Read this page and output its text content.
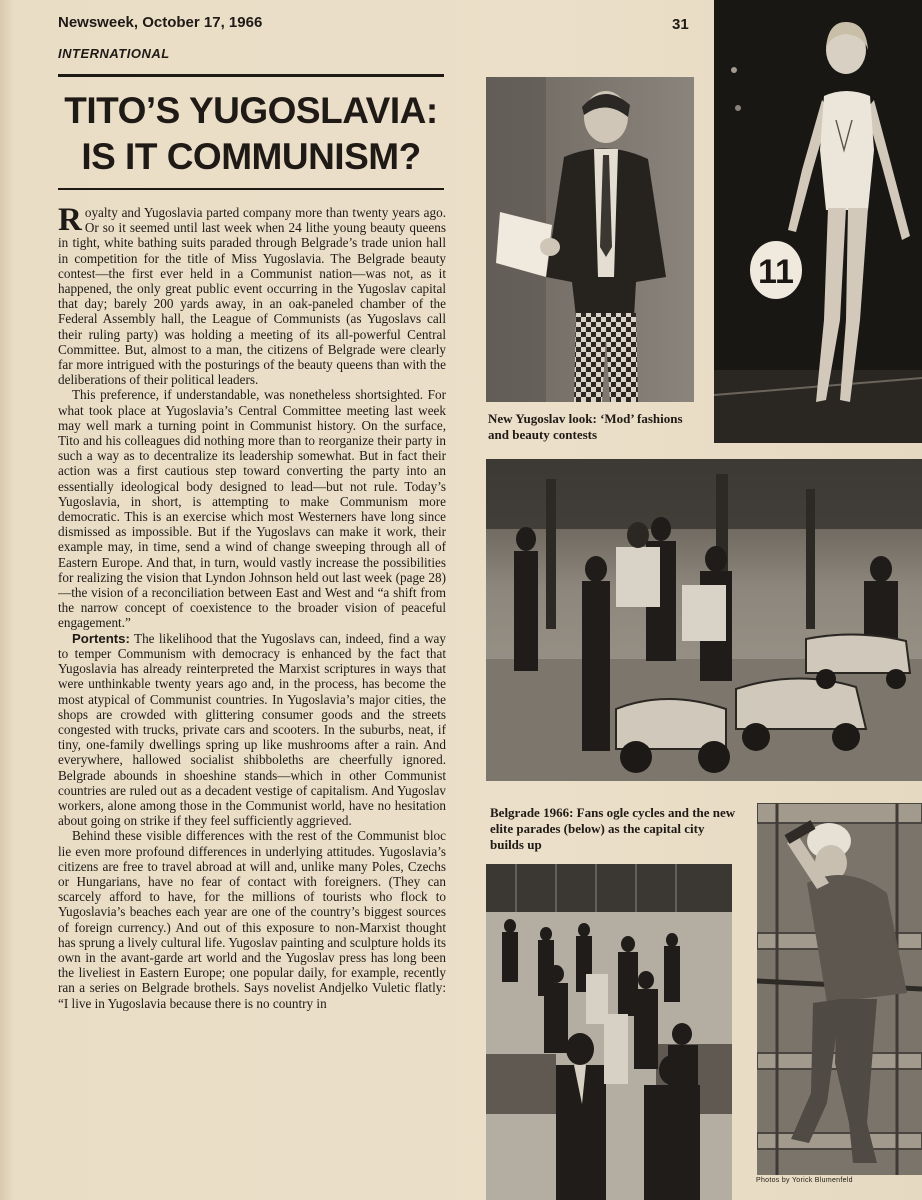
Newsweek, October 17, 1966	31
INTERNATIONAL
TITO’S YUGOSLAVIA:
IS IT COMMUNISM?

Royalty and Yugoslavia parted company more than twenty years ago. Or so it seemed until last week when 24 lithe young beauty queens in tight, white bathing suits paraded through Belgrade’s trade union hall in competition for the title of Miss Yugoslavia. The Belgrade beauty contest—the first ever held in a Communist nation—was not, as it happened, the only great public event occurring in the Yugoslav capital that day; barely 200 yards away, in an oak-paneled chamber of the Federal Assembly hall, the League of Communists (as Yugoslavs call their ruling party) was holding a meeting of its all-powerful Central Committee. But, almost to a man, the citizens of Belgrade were clearly far more intrigued with the posturings of the beauty queens than with the deliberations of their political leaders.

This preference, if understandable, was nonetheless shortsighted. For what took place at Yugoslavia’s Central Committee meeting last week may well mark a turning point in Communist history. On the surface, Tito and his colleagues did nothing more than to reorganize their party in such a way as to decentralize its leadership somewhat. But in fact their action was a first cautious step toward converting the party into an essentially ideological body designed to lead—but not rule. Today’s Yugoslavia, in short, is attempting to make Communism more democratic. This is an exercise which most Westerners have long since dismissed as impossible. But if the Yugoslavs can make it work, their example may, in time, send a wind of change sweeping through all of Eastern Europe. And that, in turn, would vastly increase the possibilities for realizing the vision that Lyndon Johnson held out last week (page 28)—the vision of a reconciliation between East and West and “a shift from the narrow concept of coexistence to the broader vision of peaceful engagement.”

Portents: The likelihood that the Yugoslavs can, indeed, find a way to temper Communism with democracy is enhanced by the fact that Yugoslavia has already reinterpreted the Marxist scriptures in ways that were unthinkable twenty years ago and, in the process, has become the most atypical of Communist countries. In Yugoslavia’s major cities, the shops are crowded with glittering consumer goods and the streets congested with trucks, private cars and scooters. In the suburbs, neat, if tiny, one-family dwellings spring up like mushrooms after a rain. And everywhere, hallowed socialist shibboleths are cheerfully ignored. Belgrade abounds in shoeshine stands—which in other Communist countries are ruled out as a decadent vestige of capitalism. And Yugoslav workers, alone among those in the Communist world, have no hesitation about going on strike if they feel sufficiently aggrieved.

Behind these visible differences with the rest of the Communist bloc lie even more profound differences in underlying attitudes. Yugoslavia’s citizens are free to travel abroad at will and, unlike many Poles, Czechs or Hungarians, have no fear of contact with foreigners. (They can scarcely afford to have, for the millions of tourists who flock to Yugoslavia’s beaches each year are one of the country’s biggest sources of foreign currency.) And out of this exposure to non-Marxist thought has sprung a lively cultural life. Yugoslav painting and sculpture holds its own in the avant-garde art world and the Yugoslav press has long been the liveliest in Eastern Europe; one popular daily, for example, recently ran a series on Belgrade brothels. Says novelist Andjelko Vuletic flatly: “I live in Yugoslavia because there is no country in

New Yugoslav look: ‘Mod’ fashions and beauty contests
11
Belgrade 1966: Fans ogle cycles and the new elite parades (below) as the capital city builds up
Photos by Yorick Blumenfeld
